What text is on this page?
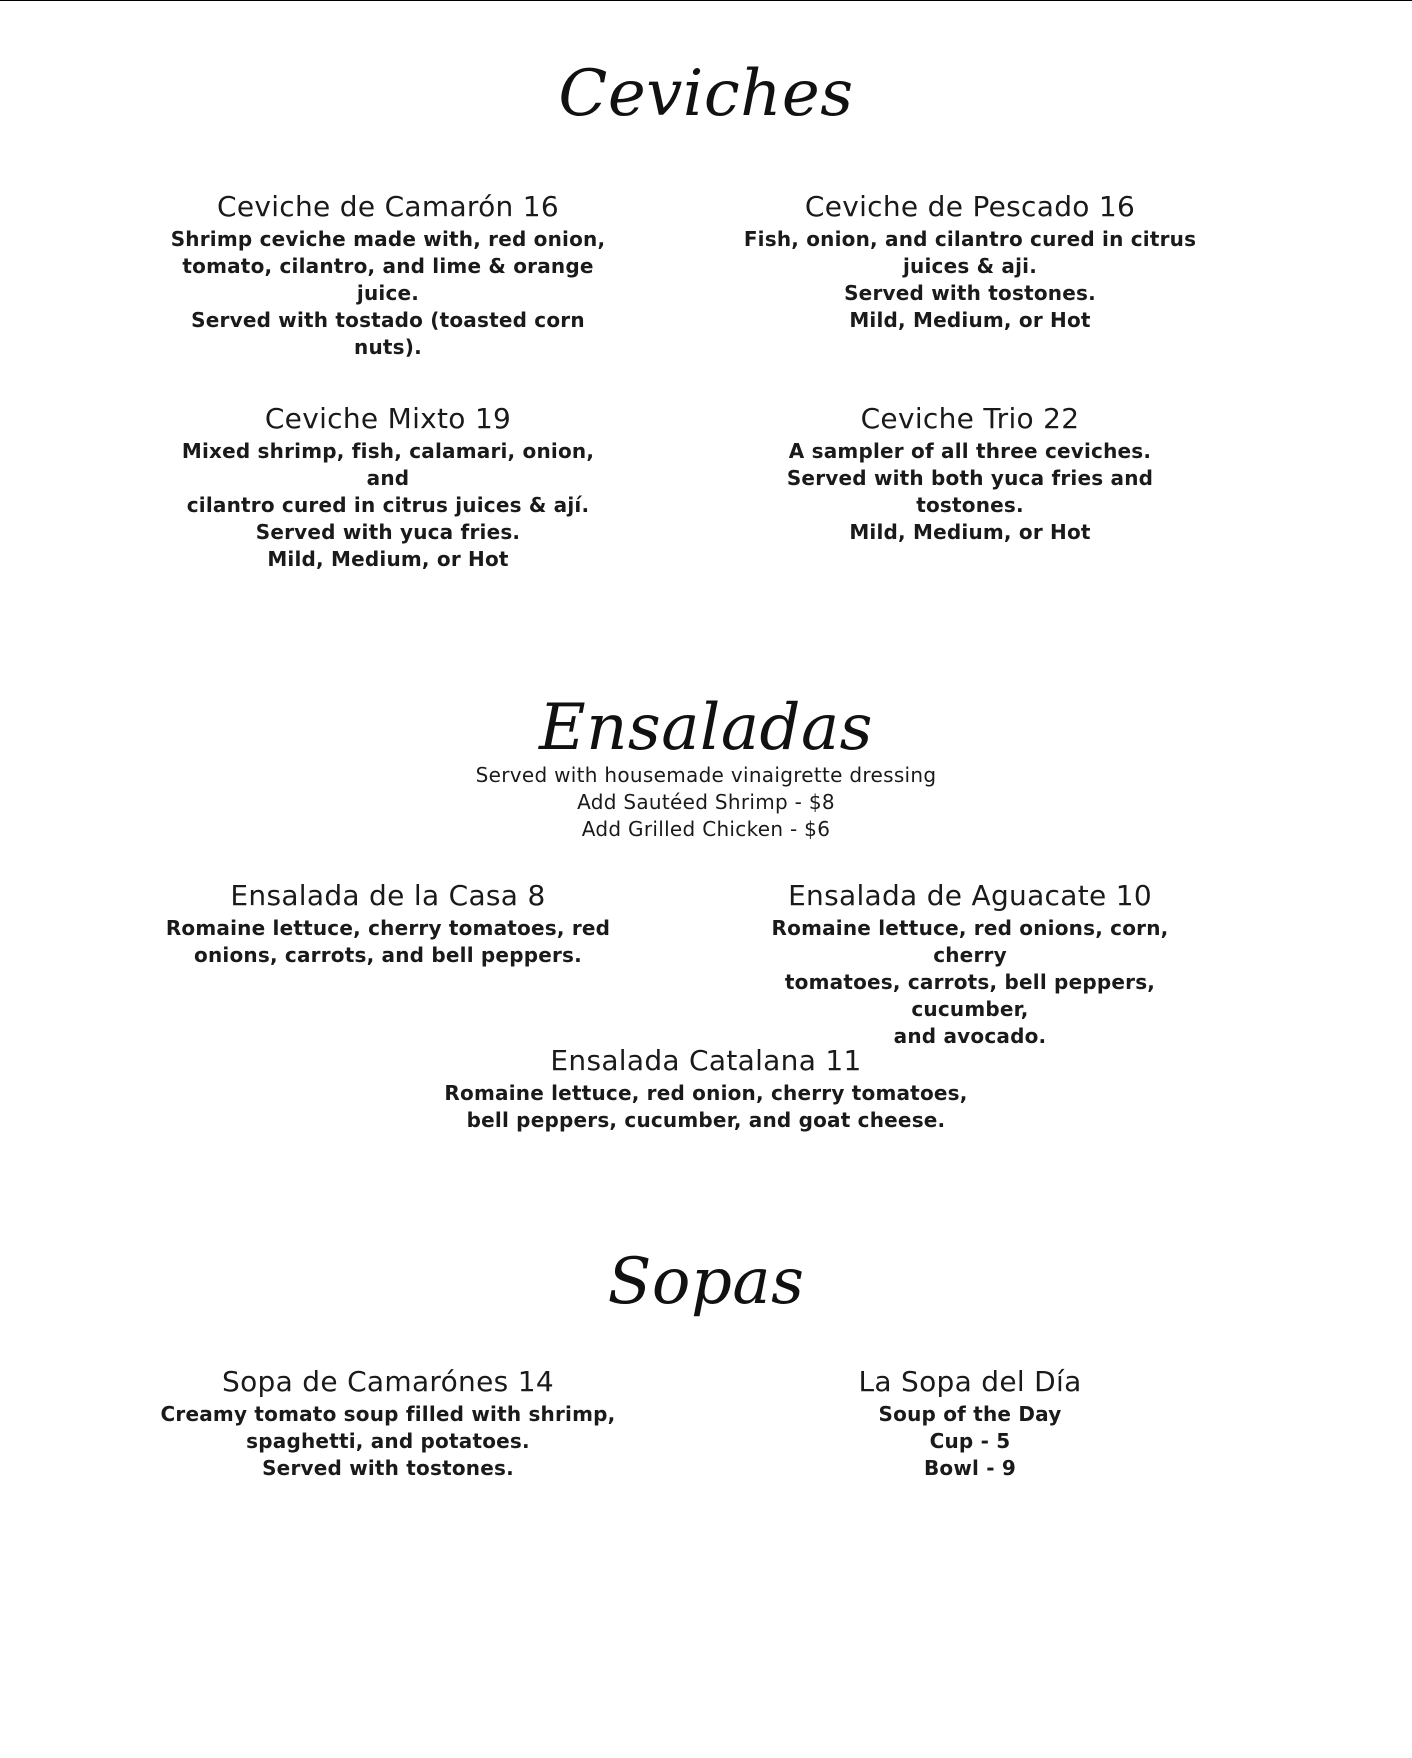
Ceviches
Ceviche de Camarón 16
Shrimp ceviche made with, red onion,
tomato, cilantro, and lime & orange juice.
Served with tostado (toasted corn nuts).
Ceviche de Pescado 16
Fish, onion, and cilantro cured in citrus
juices & aji.
Served with tostones.
Mild, Medium, or Hot
Ceviche Mixto 19
Mixed shrimp, fish, calamari, onion, and
cilantro cured in citrus juices & ají.
Served with yuca fries.
Mild, Medium, or Hot
Ceviche Trio 22
A sampler of all three ceviches.
Served with both yuca fries and tostones.
Mild, Medium, or Hot
Ensaladas
Served with housemade vinaigrette dressing
Add Sautéed Shrimp - $8
Add Grilled Chicken - $6
Ensalada de la Casa 8
Romaine lettuce, cherry tomatoes, red
onions, carrots, and bell peppers.
Ensalada de Aguacate 10
Romaine lettuce, red onions, corn, cherry
tomatoes, carrots, bell peppers, cucumber,
and avocado.
Ensalada Catalana 11
Romaine lettuce, red onion, cherry tomatoes,
bell peppers, cucumber, and goat cheese.
Sopas
Sopa de Camarónes 14
Creamy tomato soup filled with shrimp,
spaghetti, and potatoes.
Served with tostones.
La Sopa del Día
Soup of the Day
Cup - 5
Bowl - 9
